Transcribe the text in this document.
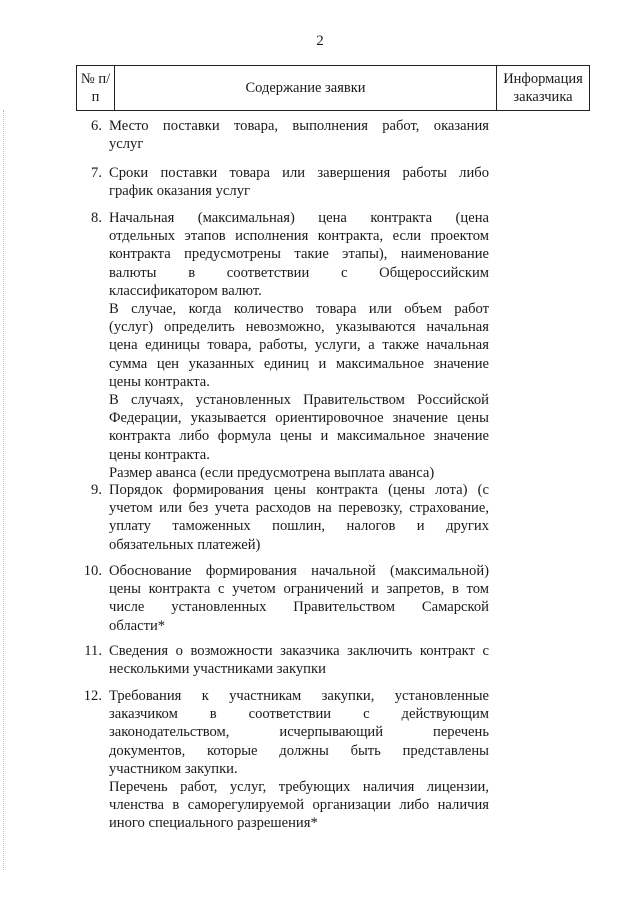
2
№ п/п	Содержание заявки	Информация заказчика
6. Место поставки товара, выполнения работ, оказания
услуг
7. Сроки поставки товара или завершения работы либо
график оказания услуг
8. Начальная (максимальная) цена контракта (цена
отдельных этапов исполнения контракта, если проектом
контракта предусмотрены такие этапы), наименование
валюты в соответствии с Общероссийским
классификатором валют.
В случае, когда количество товара или объем работ
(услуг) определить невозможно, указываются начальная
цена единицы товара, работы, услуги, а также начальная
сумма цен указанных единиц и максимальное значение
цены контракта.
В случаях, установленных Правительством Российской
Федерации, указывается ориентировочное значение цены
контракта либо формула цены и максимальное значение
цены контракта.
Размер аванса (если предусмотрена выплата аванса)
9. Порядок формирования цены контракта (цены лота) (с
учетом или без учета расходов на перевозку, страхование,
уплату таможенных пошлин, налогов и других
обязательных платежей)
10. Обоснование формирования начальной (максимальной)
цены контракта с учетом ограничений и запретов, в том
числе установленных Правительством Самарской
области*
11. Сведения о возможности заказчика заключить контракт с
несколькими участниками закупки
12. Требования к участникам закупки, установленные
заказчиком в соответствии с действующим
законодательством, исчерпывающий перечень
документов, которые должны быть представлены
участником закупки.
Перечень работ, услуг, требующих наличия лицензии,
членства в саморегулируемой организации либо наличия
иного специального разрешения*
